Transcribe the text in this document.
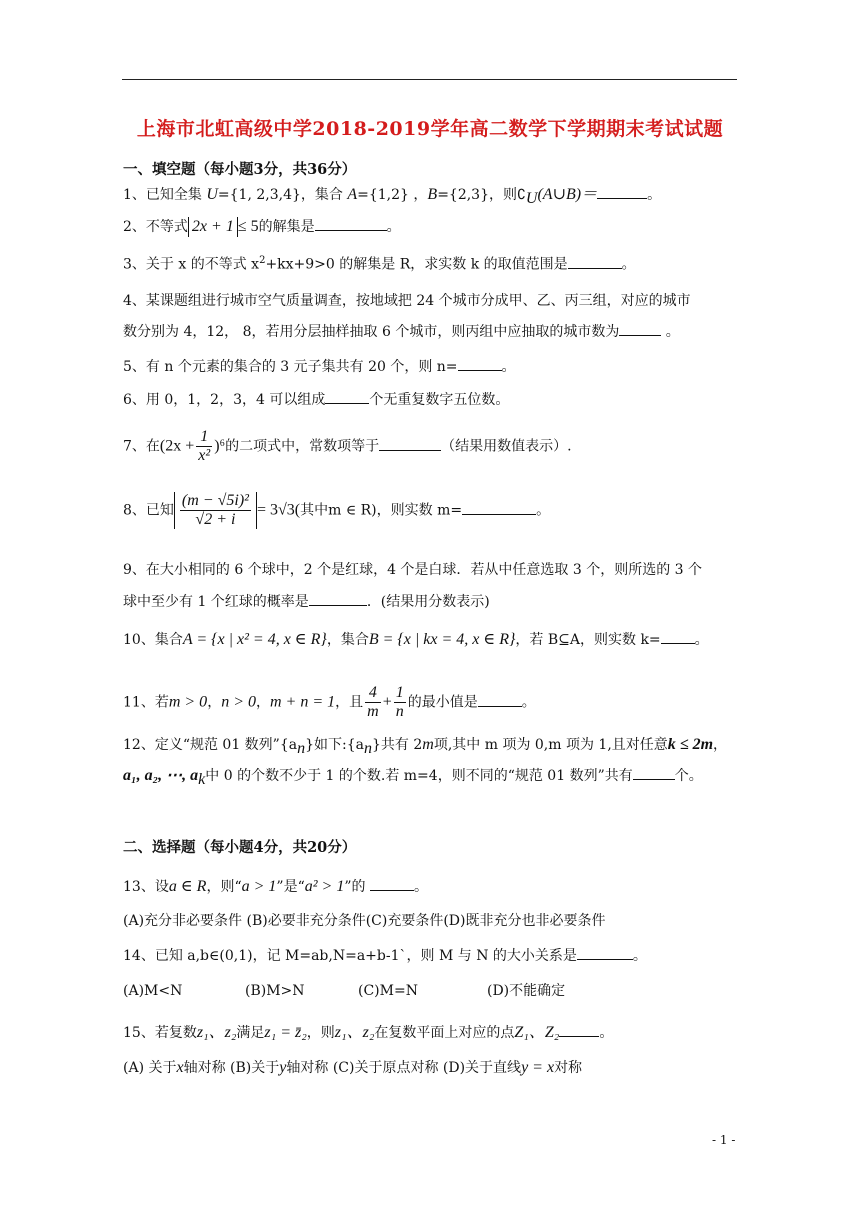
上海市北虹高级中学2018-2019学年高二数学下学期期末考试试题
一、填空题（每小题3分，共36分）
1、已知全集 U={1, 2,3,4}，集合 A={1,2} ，B={2,3}，则$∁_U(A\cup B)=$	。
2、不等式 2x + 1 ≤ 5的解集是	。
3、关于 x 的不等式 $x^2+kx+9>0$ 的解集是 R，求实数 k 的取值范围是	。
4、某课题组进行城市空气质量调查，按地域把 24 个城市分成甲、乙、丙三组，对应的城市
数分别为 4，12， 8，若用分层抽样抽取 6 个城市，则丙组中应抽取的城市数为	。
5、有 n 个元素的集合的 3 元子集共有 20 个，则 n=	。
6、用 0，1，2，3，4 可以组成	个无重复数字五位数。
7、在$(2x + \frac{1}{\text{x²}} )^6$的二项式中，常数项等于	（结果用数值表示）.
8、已知 $\frac{\text{(m − √5i)²}}{√2 + i} = 3√3$(其中m ∈ R)，则实数 m=	。
9、在大小相同的 6 个球中，2 个是红球，4 个是白球．若从中任意选取 3 个，则所选的 3 个
球中至少有 1 个红球的概率是	．(结果用分数表示)
10、集合A = {x | x² = 4, x ∈ R}，集合B = {x | kx = 4, x ∈ R}，若 B⊆A，则实数 k= 。
11、若m > 0，n > 0，m + n = 1，且 $\frac{4}{m} + \frac{1}{n}$ 的最小值是	。
12、定义“规范 01 数列$”\{a_n\}$如下$:\{a_n\}$共有 2m项,其中 m 项为 0,m 项为 1,且对任意k ≤ 2m，
a₁, a₂, ⋯, $a_k$中 0 的个数不少于 1 的个数.若 m=4，则不同的“规范 01 数列”共有	个。
二、选择题（每小题4分，共20分）
13、设a ∈ R，则“a > 1”是“a² > 1”的	。
(A)充分非必要条件 (B)必要非充分条件(C)充要条件(D)既非充分也非必要条件
14、已知 a,b∈(0,1)，记 M=ab,N=a+b-1`，则 M 与 N 的大小关系是	。
(A)M<N	(B)M>N	(C)M=N	(D)不能确定
15、若复数z₁、z₂满足z₁ = z̄₂，则z₁、z₂在复数平面上对应的点Z₁、Z₂	。
(A) 关于x轴对称 (B)关于y轴对称 (C)关于原点对称 (D)关于直线y = x对称
- 1 -
